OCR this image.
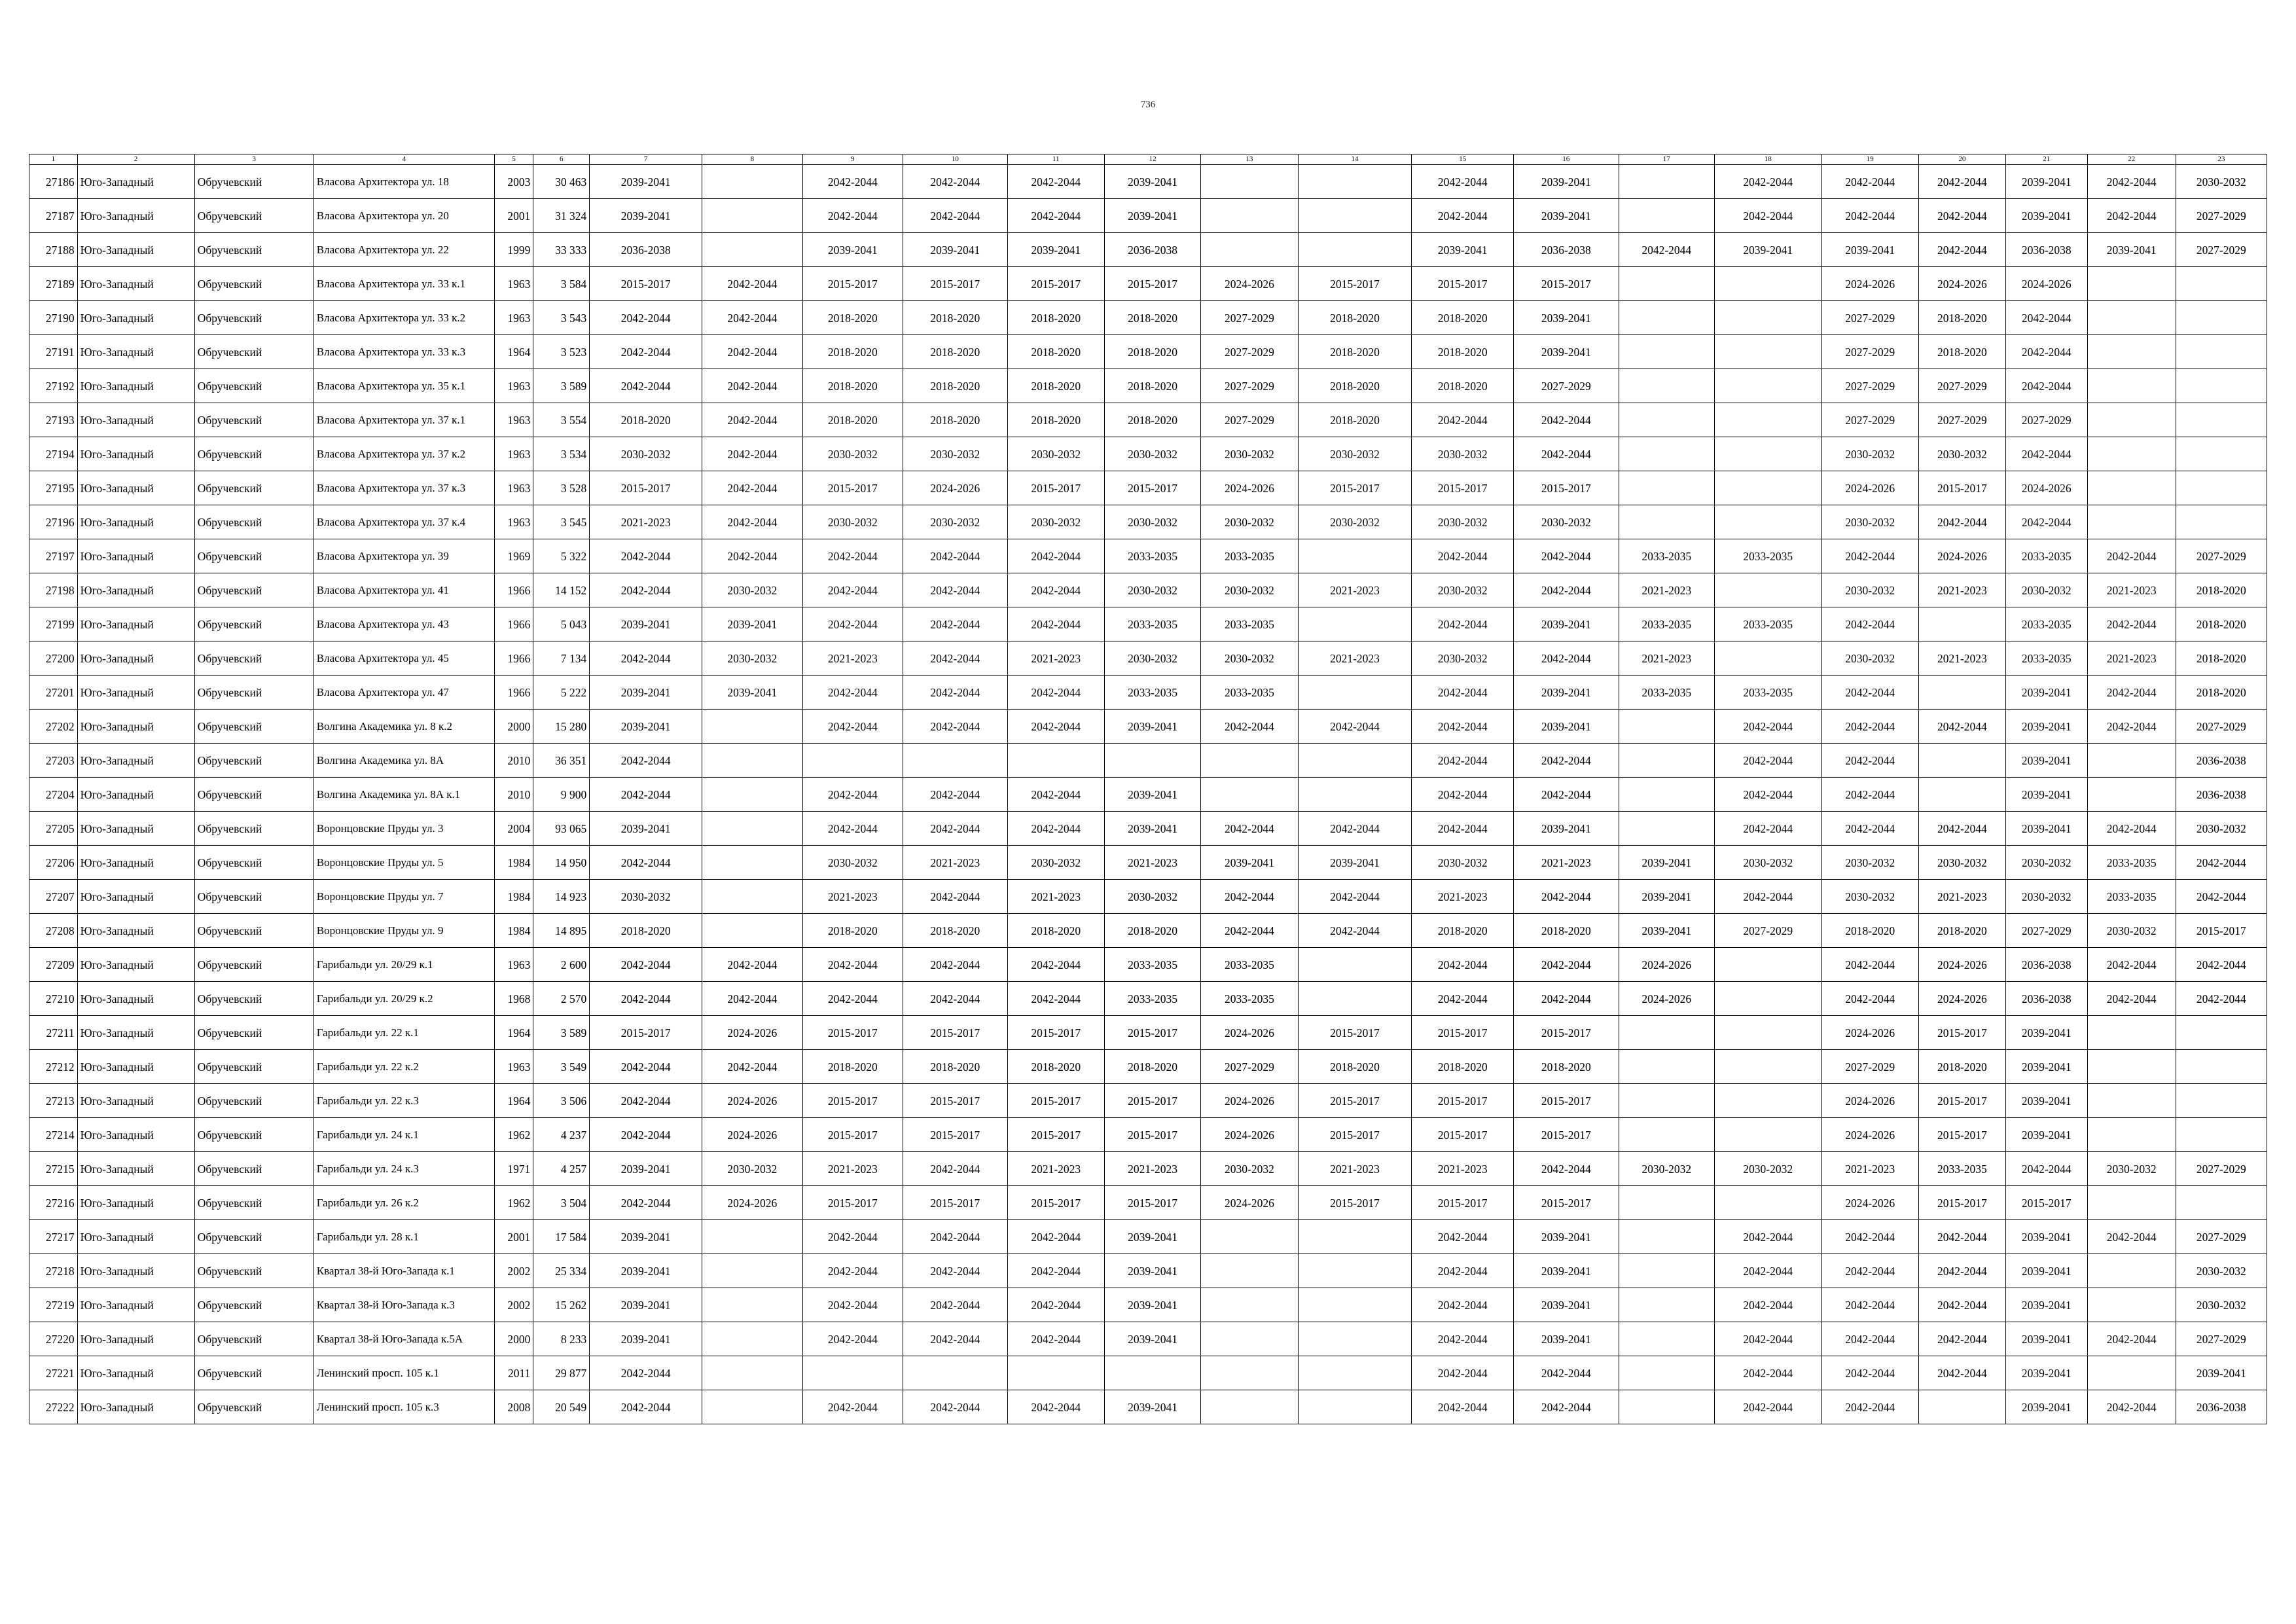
736
1	2	3	4	5	6	7	8	9	10	11	12	13	14	15	16	17	18	19	20	21	22	23
27186	Юго-Западный	Обручевский	Власова Архитектора ул. 18	2003	30 463	2039-2041		2042-2044	2042-2044	2042-2044	2039-2041			2042-2044	2039-2041		2042-2044	2042-2044	2042-2044	2039-2041	2042-2044	2030-2032
27187	Юго-Западный	Обручевский	Власова Архитектора ул. 20	2001	31 324	2039-2041		2042-2044	2042-2044	2042-2044	2039-2041			2042-2044	2039-2041		2042-2044	2042-2044	2042-2044	2039-2041	2042-2044	2027-2029
27188	Юго-Западный	Обручевский	Власова Архитектора ул. 22	1999	33 333	2036-2038		2039-2041	2039-2041	2039-2041	2036-2038			2039-2041	2036-2038	2042-2044	2039-2041	2039-2041	2042-2044	2036-2038	2039-2041	2027-2029
27189	Юго-Западный	Обручевский	Власова Архитектора ул. 33 к.1	1963	3 584	2015-2017	2042-2044	2015-2017	2015-2017	2015-2017	2015-2017	2024-2026	2015-2017	2015-2017	2015-2017			2024-2026	2024-2026	2024-2026		
27190	Юго-Западный	Обручевский	Власова Архитектора ул. 33 к.2	1963	3 543	2042-2044	2042-2044	2018-2020	2018-2020	2018-2020	2018-2020	2027-2029	2018-2020	2018-2020	2039-2041			2027-2029	2018-2020	2042-2044		
27191	Юго-Западный	Обручевский	Власова Архитектора ул. 33 к.3	1964	3 523	2042-2044	2042-2044	2018-2020	2018-2020	2018-2020	2018-2020	2027-2029	2018-2020	2018-2020	2039-2041			2027-2029	2018-2020	2042-2044		
27192	Юго-Западный	Обручевский	Власова Архитектора ул. 35 к.1	1963	3 589	2042-2044	2042-2044	2018-2020	2018-2020	2018-2020	2018-2020	2027-2029	2018-2020	2018-2020	2027-2029			2027-2029	2027-2029	2042-2044		
27193	Юго-Западный	Обручевский	Власова Архитектора ул. 37 к.1	1963	3 554	2018-2020	2042-2044	2018-2020	2018-2020	2018-2020	2018-2020	2027-2029	2018-2020	2042-2044	2042-2044			2027-2029	2027-2029	2027-2029		
27194	Юго-Западный	Обручевский	Власова Архитектора ул. 37 к.2	1963	3 534	2030-2032	2042-2044	2030-2032	2030-2032	2030-2032	2030-2032	2030-2032	2030-2032	2030-2032	2042-2044			2030-2032	2030-2032	2042-2044		
27195	Юго-Западный	Обручевский	Власова Архитектора ул. 37 к.3	1963	3 528	2015-2017	2042-2044	2015-2017	2024-2026	2015-2017	2015-2017	2024-2026	2015-2017	2015-2017	2015-2017			2024-2026	2015-2017	2024-2026		
27196	Юго-Западный	Обручевский	Власова Архитектора ул. 37 к.4	1963	3 545	2021-2023	2042-2044	2030-2032	2030-2032	2030-2032	2030-2032	2030-2032	2030-2032	2030-2032	2030-2032			2030-2032	2042-2044	2042-2044		
27197	Юго-Западный	Обручевский	Власова Архитектора ул. 39	1969	5 322	2042-2044	2042-2044	2042-2044	2042-2044	2042-2044	2033-2035	2033-2035		2042-2044	2042-2044	2033-2035	2033-2035	2042-2044	2024-2026	2033-2035	2042-2044	2027-2029
27198	Юго-Западный	Обручевский	Власова Архитектора ул. 41	1966	14 152	2042-2044	2030-2032	2042-2044	2042-2044	2042-2044	2030-2032	2030-2032	2021-2023	2030-2032	2042-2044	2021-2023		2030-2032	2021-2023	2030-2032	2021-2023	2018-2020
27199	Юго-Западный	Обручевский	Власова Архитектора ул. 43	1966	5 043	2039-2041	2039-2041	2042-2044	2042-2044	2042-2044	2033-2035	2033-2035		2042-2044	2039-2041	2033-2035	2033-2035	2042-2044		2033-2035	2042-2044	2018-2020
27200	Юго-Западный	Обручевский	Власова Архитектора ул. 45	1966	7 134	2042-2044	2030-2032	2021-2023	2042-2044	2021-2023	2030-2032	2030-2032	2021-2023	2030-2032	2042-2044	2021-2023		2030-2032	2021-2023	2033-2035	2021-2023	2018-2020
27201	Юго-Западный	Обручевский	Власова Архитектора ул. 47	1966	5 222	2039-2041	2039-2041	2042-2044	2042-2044	2042-2044	2033-2035	2033-2035		2042-2044	2039-2041	2033-2035	2033-2035	2042-2044		2039-2041	2042-2044	2018-2020
27202	Юго-Западный	Обручевский	Волгина Академика ул. 8 к.2	2000	15 280	2039-2041		2042-2044	2042-2044	2042-2044	2039-2041	2042-2044	2042-2044	2042-2044	2039-2041		2042-2044	2042-2044	2042-2044	2039-2041	2042-2044	2027-2029
27203	Юго-Западный	Обручевский	Волгина Академика ул. 8А	2010	36 351	2042-2044								2042-2044	2042-2044		2042-2044	2042-2044		2039-2041		2036-2038
27204	Юго-Западный	Обручевский	Волгина Академика ул. 8А к.1	2010	9 900	2042-2044		2042-2044	2042-2044	2042-2044	2039-2041			2042-2044	2042-2044		2042-2044	2042-2044		2039-2041		2036-2038
27205	Юго-Западный	Обручевский	Воронцовские Пруды ул. 3	2004	93 065	2039-2041		2042-2044	2042-2044	2042-2044	2039-2041	2042-2044	2042-2044	2042-2044	2039-2041		2042-2044	2042-2044	2042-2044	2039-2041	2042-2044	2030-2032
27206	Юго-Западный	Обручевский	Воронцовские Пруды ул. 5	1984	14 950	2042-2044		2030-2032	2021-2023	2030-2032	2021-2023	2039-2041	2039-2041	2030-2032	2021-2023	2039-2041	2030-2032	2030-2032	2030-2032	2030-2032	2033-2035	2042-2044
27207	Юго-Западный	Обручевский	Воронцовские Пруды ул. 7	1984	14 923	2030-2032		2021-2023	2042-2044	2021-2023	2030-2032	2042-2044	2042-2044	2021-2023	2042-2044	2039-2041	2042-2044	2030-2032	2021-2023	2030-2032	2033-2035	2042-2044
27208	Юго-Западный	Обручевский	Воронцовские Пруды ул. 9	1984	14 895	2018-2020		2018-2020	2018-2020	2018-2020	2018-2020	2042-2044	2042-2044	2018-2020	2018-2020	2039-2041	2027-2029	2018-2020	2018-2020	2027-2029	2030-2032	2015-2017
27209	Юго-Западный	Обручевский	Гарибальди ул. 20/29 к.1	1963	2 600	2042-2044	2042-2044	2042-2044	2042-2044	2042-2044	2033-2035	2033-2035		2042-2044	2042-2044	2024-2026		2042-2044	2024-2026	2036-2038	2042-2044	2042-2044
27210	Юго-Западный	Обручевский	Гарибальди ул. 20/29 к.2	1968	2 570	2042-2044	2042-2044	2042-2044	2042-2044	2042-2044	2033-2035	2033-2035		2042-2044	2042-2044	2024-2026		2042-2044	2024-2026	2036-2038	2042-2044	2042-2044
27211	Юго-Западный	Обручевский	Гарибальди ул. 22 к.1	1964	3 589	2015-2017	2024-2026	2015-2017	2015-2017	2015-2017	2015-2017	2024-2026	2015-2017	2015-2017	2015-2017			2024-2026	2015-2017	2039-2041		
27212	Юго-Западный	Обручевский	Гарибальди ул. 22 к.2	1963	3 549	2042-2044	2042-2044	2018-2020	2018-2020	2018-2020	2018-2020	2027-2029	2018-2020	2018-2020	2018-2020			2027-2029	2018-2020	2039-2041		
27213	Юго-Западный	Обручевский	Гарибальди ул. 22 к.3	1964	3 506	2042-2044	2024-2026	2015-2017	2015-2017	2015-2017	2015-2017	2024-2026	2015-2017	2015-2017	2015-2017			2024-2026	2015-2017	2039-2041		
27214	Юго-Западный	Обручевский	Гарибальди ул. 24 к.1	1962	4 237	2042-2044	2024-2026	2015-2017	2015-2017	2015-2017	2015-2017	2024-2026	2015-2017	2015-2017	2015-2017			2024-2026	2015-2017	2039-2041		
27215	Юго-Западный	Обручевский	Гарибальди ул. 24 к.3	1971	4 257	2039-2041	2030-2032	2021-2023	2042-2044	2021-2023	2021-2023	2030-2032	2021-2023	2021-2023	2042-2044	2030-2032	2030-2032	2021-2023	2033-2035	2042-2044	2030-2032	2027-2029
27216	Юго-Западный	Обручевский	Гарибальди ул. 26 к.2	1962	3 504	2042-2044	2024-2026	2015-2017	2015-2017	2015-2017	2015-2017	2024-2026	2015-2017	2015-2017	2015-2017			2024-2026	2015-2017	2015-2017		
27217	Юго-Западный	Обручевский	Гарибальди ул. 28 к.1	2001	17 584	2039-2041		2042-2044	2042-2044	2042-2044	2039-2041			2042-2044	2039-2041		2042-2044	2042-2044	2042-2044	2039-2041	2042-2044	2027-2029
27218	Юго-Западный	Обручевский	Квартал 38-й Юго-Запада к.1	2002	25 334	2039-2041		2042-2044	2042-2044	2042-2044	2039-2041			2042-2044	2039-2041		2042-2044	2042-2044	2042-2044	2039-2041		2030-2032
27219	Юго-Западный	Обручевский	Квартал 38-й Юго-Запада к.3	2002	15 262	2039-2041		2042-2044	2042-2044	2042-2044	2039-2041			2042-2044	2039-2041		2042-2044	2042-2044	2042-2044	2039-2041		2030-2032
27220	Юго-Западный	Обручевский	Квартал 38-й Юго-Запада к.5А	2000	8 233	2039-2041		2042-2044	2042-2044	2042-2044	2039-2041			2042-2044	2039-2041		2042-2044	2042-2044	2042-2044	2039-2041	2042-2044	2027-2029
27221	Юго-Западный	Обручевский	Ленинский просп. 105 к.1	2011	29 877	2042-2044								2042-2044	2042-2044		2042-2044	2042-2044	2042-2044	2039-2041		2039-2041
27222	Юго-Западный	Обручевский	Ленинский просп. 105 к.3	2008	20 549	2042-2044		2042-2044	2042-2044	2042-2044	2039-2041			2042-2044	2042-2044		2042-2044	2042-2044		2039-2041	2042-2044	2036-2038
